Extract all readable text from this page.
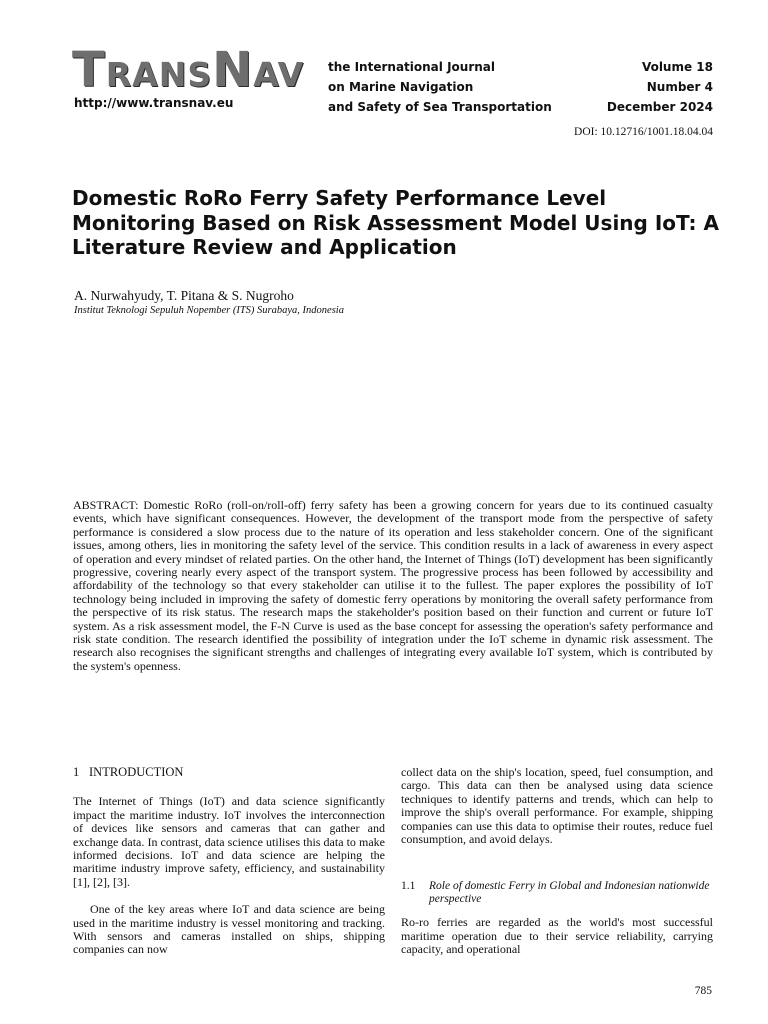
TRANSNAV
http://www.transnav.eu
the International Journal
on Marine Navigation
and Safety of Sea Transportation
Volume 18
Number 4
December 2024
DOI: 10.12716/1001.18.04.04
Domestic RoRo Ferry Safety Performance Level Monitoring Based on Risk Assessment Model Using IoT: A Literature Review and Application
A. Nurwahyudy, T. Pitana & S. Nugroho
Institut Teknologi Sepuluh Nopember (ITS) Surabaya, Indonesia

ABSTRACT: Domestic RoRo (roll-on/roll-off) ferry safety has been a growing concern for years due to its continued casualty events, which have significant consequences. However, the development of the transport mode from the perspective of safety performance is considered a slow process due to the nature of its operation and less stakeholder concern. One of the significant issues, among others, lies in monitoring the safety level of the service. This condition results in a lack of awareness in every aspect of operation and every mindset of related parties. On the other hand, the Internet of Things (IoT) development has been significantly progressive, covering nearly every aspect of the transport system. The progressive process has been followed by accessibility and affordability of the technology so that every stakeholder can utilise it to the fullest. The paper explores the possibility of IoT technology being included in improving the safety of domestic ferry operations by monitoring the overall safety performance from the perspective of its risk status. The research maps the stakeholder's position based on their function and current or future IoT system. As a risk assessment model, the F-N Curve is used as the base concept for assessing the operation's safety performance and risk state condition. The research identified the possibility of integration under the IoT scheme in dynamic risk assessment. The research also recognises the significant strengths and challenges of integrating every available IoT system, which is contributed by the system's openness.

1 INTRODUCTION

The Internet of Things (IoT) and data science significantly impact the maritime industry. IoT involves the interconnection of devices like sensors and cameras that can gather and exchange data. In contrast, data science utilises this data to make informed decisions. IoT and data science are helping the maritime industry improve safety, efficiency, and sustainability [1], [2], [3].

One of the key areas where IoT and data science are being used in the maritime industry is vessel monitoring and tracking. With sensors and cameras installed on ships, shipping companies can now

collect data on the ship's location, speed, fuel consumption, and cargo. This data can then be analysed using data science techniques to identify patterns and trends, which can help to improve the ship's overall performance. For example, shipping companies can use this data to optimise their routes, reduce fuel consumption, and avoid delays.

1.1	Role of domestic Ferry in Global and Indonesian nationwide perspective

Ro-ro ferries are regarded as the world's most successful maritime operation due to their service reliability, carrying capacity, and operational

785
